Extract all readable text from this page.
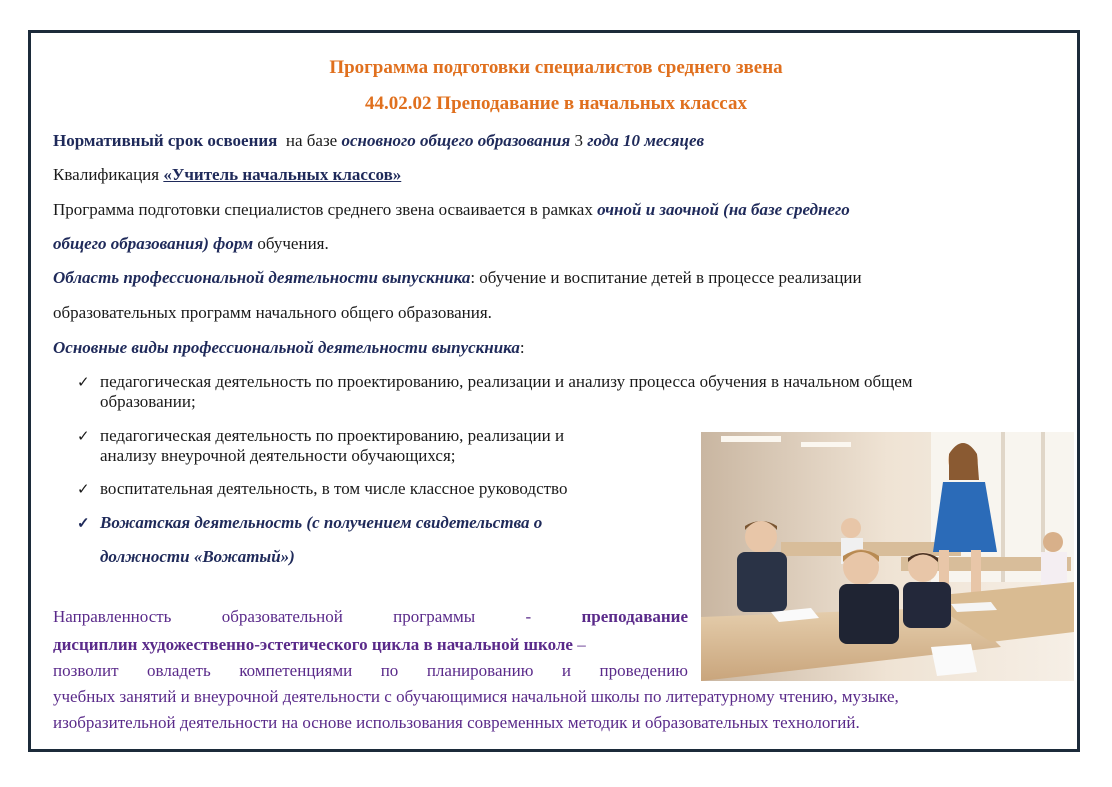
Программа подготовки специалистов среднего звена
44.02.02 Преподавание в начальных классах
Нормативный срок освоения на базе основного общего образования 3 года 10 месяцев
Квалификация «Учитель начальных классов»
Программа подготовки специалистов среднего звена осваивается в рамках очной и заочной (на базе среднего
общего образования) форм обучения.
Область профессиональной деятельности выпускника: обучение и воспитание детей в процессе реализации
образовательных программ начального общего образования.
Основные виды профессиональной деятельности выпускника:
✓ педагогическая деятельность по проектированию, реализации и анализу процесса обучения в начальном общем
образовании;
✓ педагогическая деятельность по проектированию, реализации и
анализу внеурочной деятельности обучающихся;
✓ воспитательная деятельность, в том числе классное руководство
✓ Вожатская деятельность (с получением свидетельства о
должности «Вожатый»)
Направленность образовательной программы -	преподавание
дисциплин художественно-эстетического цикла в начальной школе –
позволит овладеть компетенциями по планированию и проведению
учебных занятий и внеурочной деятельности с обучающимися начальной школы по литературному чтению, музыке,
изобразительной деятельности на основе использования современных методик и образовательных технологий.
